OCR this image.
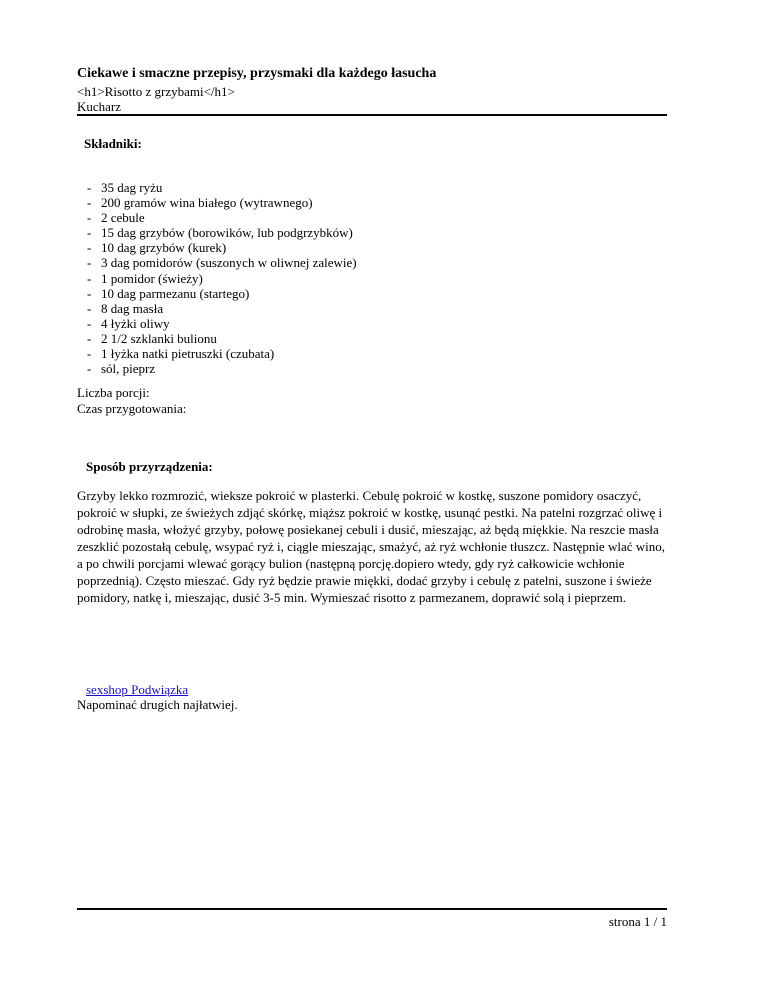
Ciekawe i smaczne przepisy, przysmaki dla każdego łasucha
<h1>Risotto z grzybami</h1>
Kucharz
Składniki:
- 35 dag ryżu
- 200 gramów wina białego (wytrawnego)
- 2 cebule
- 15 dag grzybów (borowików, lub podgrzybków)
- 10 dag grzybów (kurek)
- 3 dag pomidorów (suszonych w oliwnej zalewie)
- 1 pomidor (świeży)
- 10 dag parmezanu (startego)
- 8 dag masła
- 4 łyżki oliwy
- 2 1/2 szklanki bulionu
- 1 łyżka natki pietruszki (czubata)
- sól, pieprz
Liczba porcji:
Czas przygotowania:
Sposób przyrządzenia:

Grzyby lekko rozmrozić, wieksze pokroić w plasterki. Cebulę pokroić w kostkę, suszone pomidory osaczyć, pokroić w słupki, ze świeżych zdjąć skórkę, miąższ pokroić w kostkę, usunąć pestki. Na patelni rozgrzać oliwę i odrobinę masła, włożyć grzyby, połowę posiekanej cebuli i dusić, mieszając, aż będą miękkie. Na reszcie masła zeszklić pozostałą cebulę, wsypać ryż i, ciągle mieszając, smażyć, aż ryż wchłonie tłuszcz. Następnie wlać wino, a po chwili porcjami wlewać gorący bulion (następną porcję.dopiero wtedy, gdy ryż całkowicie wchłonie poprzednią). Często mieszać. Gdy ryż będzie prawie miękki, dodać grzyby i cebulę z patelni, suszone i świeże pomidory, natkę i, mieszając, dusić 3-5 min. Wymieszać risotto z parmezanem, doprawić solą i pieprzem.

sexshop Podwiązka
Napominać drugich najłatwiej.
strona 1 / 1
